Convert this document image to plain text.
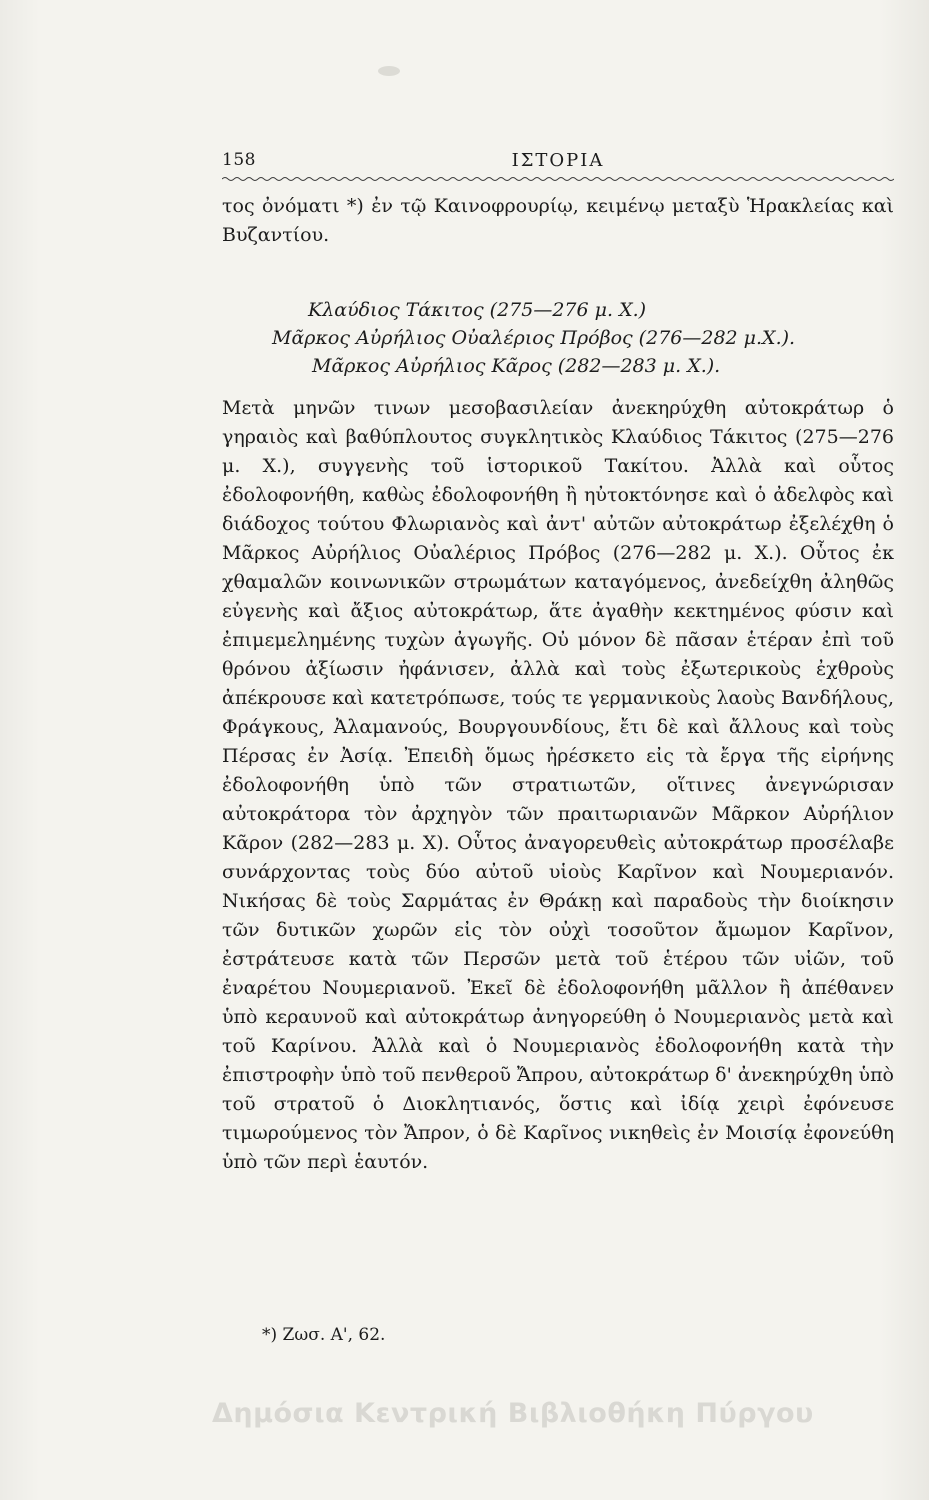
158	ΙΣΤΟΡΙΑ

τος ὀνόματι *) ἐν τῷ Καινοφρουρίῳ, κειμένῳ μεταξὺ Ἡρακλείας καὶ Βυζαντίου.

Κλαύδιος Τάκιτος (275—276 μ. Χ.)
Μᾶρκος Αὐρήλιος Οὐαλέριος Πρόβος (276—282 μ.Χ.).
Μᾶρκος Αὐρήλιος Κᾶρος (282—283 μ. Χ.).

Μετὰ μηνῶν τινων μεσοβασιλείαν ἀνεκηρύχθη αὐτοκράτωρ ὁ γηραιὸς καὶ βαθύπλουτος συγκλητικὸς Κλαύδιος Τάκιτος (275—276 μ. Χ.), συγγενὴς τοῦ ἱστορικοῦ Τακίτου. Ἀλλὰ καὶ οὗτος ἐδολοφονήθη, καθὼς ἐδολοφονήθη ἢ ηὐτοκτόνησε καὶ ὁ ἀδελφὸς καὶ διάδοχος τούτου Φλωριανὸς καὶ ἀντ' αὐτῶν αὐτοκράτωρ ἐξελέχθη ὁ Μᾶρκος Αὐρήλιος Οὐαλέριος Πρόβος (276—282 μ. Χ.). Οὗτος ἐκ χθαμαλῶν κοινωνικῶν στρωμάτων καταγόμενος, ἀνεδείχθη ἀληθῶς εὐγενὴς καὶ ἄξιος αὐτοκράτωρ, ἅτε ἀγαθὴν κεκτημένος φύσιν καὶ ἐπιμεμελημένης τυχὼν ἀγωγῆς. Οὐ μόνον δὲ πᾶσαν ἑτέραν ἐπὶ τοῦ θρόνου ἀξίωσιν ἠφάνισεν, ἀλλὰ καὶ τοὺς ἐξωτερικοὺς ἐχθροὺς ἀπέκρουσε καὶ κατετρόπωσε, τούς τε γερμανικοὺς λαοὺς Βανδήλους, Φράγκους, Ἀλαμανούς, Βουργουνδίους, ἔτι δὲ καὶ ἄλλους καὶ τοὺς Πέρσας ἐν Ἀσίᾳ. Ἐπειδὴ ὅμως ἠρέσκετο εἰς τὰ ἔργα τῆς εἰρήνης ἐδολοφονήθη ὑπὸ τῶν στρατιωτῶν, οἵτινες ἀνεγνώρισαν αὐτοκράτορα τὸν ἀρχηγὸν τῶν πραιτωριανῶν Μᾶρκον Αὐρήλιον Κᾶρον (282—283 μ. Χ). Οὗτος ἀναγορευθεὶς αὐτοκράτωρ προσέλαβε συνάρχοντας τοὺς δύο αὐτοῦ υἱοὺς Καρῖνον καὶ Νουμεριανόν. Νικήσας δὲ τοὺς Σαρμάτας ἐν Θράκῃ καὶ παραδοὺς τὴν διοίκησιν τῶν δυτικῶν χωρῶν εἰς τὸν οὐχὶ τοσοῦτον ἄμωμον Καρῖνον, ἐστράτευσε κατὰ τῶν Περσῶν μετὰ τοῦ ἑτέρου τῶν υἱῶν, τοῦ ἐναρέτου Νουμεριανοῦ. Ἐκεῖ δὲ ἐδολοφονήθη μᾶλλον ἢ ἀπέθανεν ὑπὸ κεραυνοῦ καὶ αὐτοκράτωρ ἀνηγορεύθη ὁ Νουμεριανὸς μετὰ καὶ τοῦ Καρίνου. Ἀλλὰ καὶ ὁ Νουμεριανὸς ἐδολοφονήθη κατὰ τὴν ἐπιστροφὴν ὑπὸ τοῦ πενθεροῦ Ἄπρου, αὐτοκράτωρ δ' ἀνεκηρύχθη ὑπὸ τοῦ στρατοῦ ὁ Διοκλητιανός, ὅστις καὶ ἰδίᾳ χειρὶ ἐφόνευσε τιμωρούμενος τὸν Ἄπρον, ὁ δὲ Καρῖνος νικηθεὶς ἐν Μοισίᾳ ἐφονεύθη ὑπὸ τῶν περὶ ἑαυτόν.

*) Ζωσ. Α', 62.
Δημόσια Κεντρική Βιβλιοθήκη Πύργου
